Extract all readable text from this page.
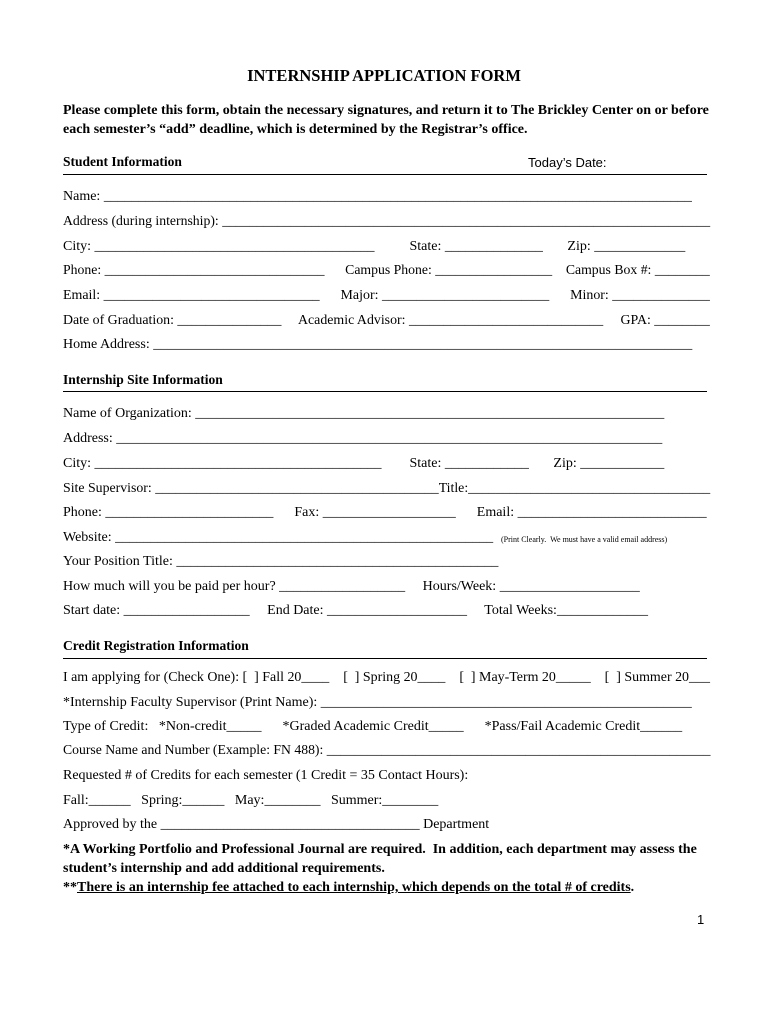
INTERNSHIP APPLICATION FORM
Please complete this form, obtain the necessary signatures, and return it to The Brickley Center on or before
each semester’s “add” deadline, which is determined by the Registrar’s office.
Student Information	Today’s Date:
Name: ____________________________________________________________________________________
Address (during internship): _______________________________________________________________________
City: ________________________________________          State: ______________       Zip: _____________
Phone: ________________________________      Campus Phone: _________________    Campus Box #: ________
Email: _______________________________      Major: ________________________      Minor: ______________
Date of Graduation: _______________     Academic Advisor: ____________________________     GPA: ________
Home Address: _____________________________________________________________________________
Internship Site Information
Name of Organization: ___________________________________________________________________
Address: ______________________________________________________________________________
City: _________________________________________        State: ____________       Zip: ____________
Site Supervisor: _________________________________________Title:___________________________________
Phone: ________________________      Fax: ___________________      Email: ___________________________
Website: ______________________________________________________ (Print Clearly.  We must have a valid email address)
Your Position Title: ______________________________________________
How much will you be paid per hour? __________________     Hours/Week: ____________________
Start date: __________________     End Date: ____________________     Total Weeks:_____________
Credit Registration Information
I am applying for (Check One): [  ] Fall 20____    [  ] Spring 20____    [  ] May-Term 20_____    [  ] Summer 20___
*Internship Faculty Supervisor (Print Name): _____________________________________________________
Type of Credit:   *Non-credit_____      *Graded Academic Credit_____      *Pass/Fail Academic Credit______
Course Name and Number (Example: FN 488): ________________________________________________________
Requested # of Credits for each semester (1 Credit = 35 Contact Hours):
Fall:______   Spring:______   May:________   Summer:________
Approved by the _____________________________________ Department
*A Working Portfolio and Professional Journal are required.  In addition, each department may assess the
student’s internship and add additional requirements.
**There is an internship fee attached to each internship, which depends on the total # of credits.
1
